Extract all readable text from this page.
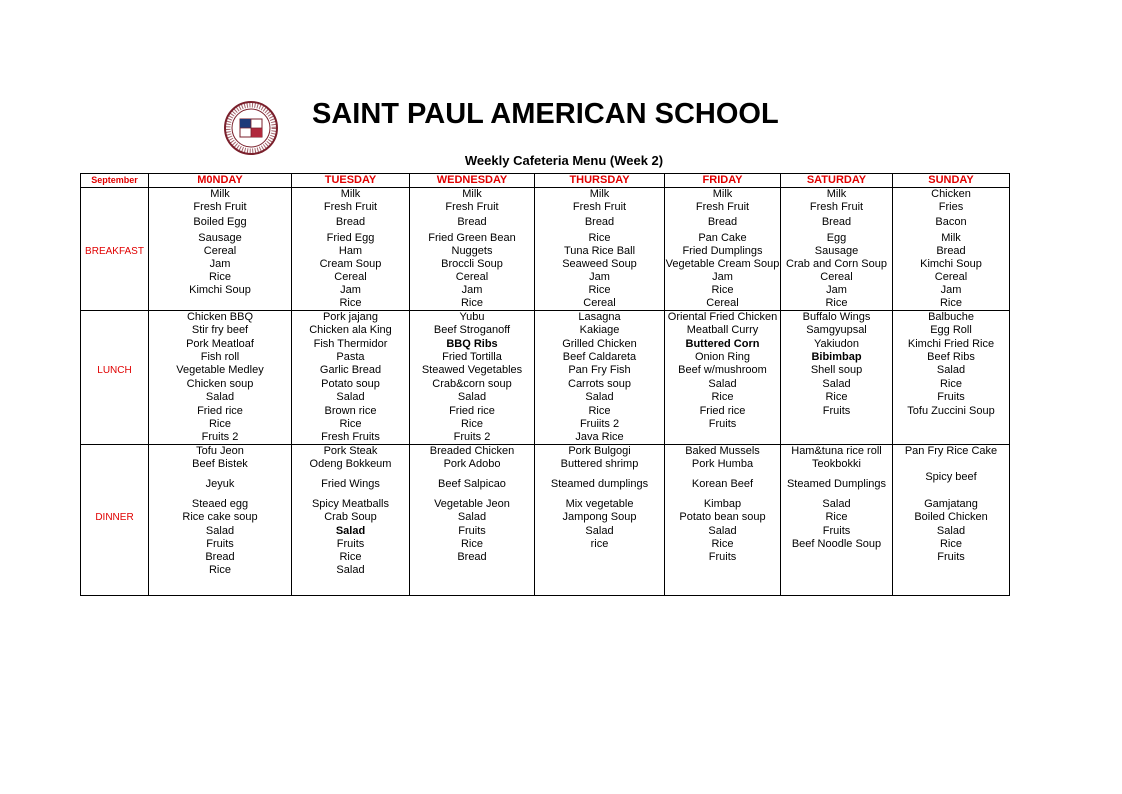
SAINT PAUL AMERICAN SCHOOL
Weekly Cafeteria Menu (Week 2)
September	M0NDAY	TUESDAY	WEDNESDAY	THURSDAY	FRIDAY	SATURDAY	SUNDAY
	Milk	Milk	Milk	Milk	Milk	Milk	Chicken
	Fresh Fruit	Fresh Fruit	Fresh Fruit	Fresh Fruit	Fresh Fruit	Fresh Fruit	Fries
	Boiled Egg	Bread	Bread	Bread	Bread	Bread	Bacon
	Sausage	Fried Egg	Fried Green Bean	Rice	Pan Cake	Egg	Milk
BREAKFAST	Cereal	Ham	Nuggets	Tuna Rice Ball	Fried Dumplings	Sausage	Bread
	Jam	Cream Soup	Broccli Soup	Seaweed Soup	Vegetable Cream Soup	Crab and Corn Soup	Kimchi Soup
	Rice	Cereal	Cereal	Jam	Jam	Cereal	Cereal
	Kimchi Soup	Jam	Jam	Rice	Rice	Jam	Jam
		Rice	Rice	Cereal	Cereal	Rice	Rice
	Chicken BBQ	Pork jajang	Yubu	Lasagna	Oriental Fried Chicken	Buffalo Wings	Balbuche
	Stir fry beef	Chicken ala King	Beef Stroganoff	Kakiage	Meatball Curry	Samgyupsal	Egg Roll
	Pork Meatloaf	Fish Thermidor	BBQ Ribs	Grilled Chicken	Buttered Corn	Yakiudon	Kimchi Fried Rice
	Fish roll	Pasta	Fried Tortilla	Beef Caldareta	Onion Ring	Bibimbap	Beef Ribs
LUNCH	Vegetable Medley	Garlic Bread	Steawed Vegetables	Pan Fry Fish	Beef w/mushroom	Shell soup	Salad
	Chicken soup	Potato soup	Crab&corn soup	Carrots soup	Salad	Salad	Rice
	Salad	Salad	Salad	Salad	Rice	Rice	Fruits
	Fried rice	Brown rice	Fried rice	Rice	Fried rice	Fruits	Tofu Zuccini Soup
	Rice	Rice	Rice	Fruiits 2	Fruits		
	Fruits 2	Fresh Fruits	Fruits 2	Java Rice			
	Tofu Jeon	Pork Steak	Breaded Chicken	Pork Bulgogi	Baked Mussels	Ham&tuna rice roll	Pan Fry Rice Cake
	Beef Bistek	Odeng Bokkeum	Pork Adobo	Buttered shrimp	Pork Humba	Teokbokki	
	Jeyuk	Fried Wings	Beef Salpicao	Steamed dumplings	Korean Beef	Steamed Dumplings	Spicy beef
	Steaed egg	Spicy Meatballs	Vegetable Jeon	Mix vegetable	Kimbap	Salad	Gamjatang
DINNER	Rice cake soup	Crab Soup	Salad	Jampong Soup	Potato bean soup	Rice	Boiled Chicken
	Salad	Salad	Fruits	Salad	Salad	Fruits	Salad
	Fruits	Fruits	Rice	rice	Rice	Beef Noodle Soup	Rice
	Bread	Rice	Bread		Fruits		Fruits
	Rice	Salad					
